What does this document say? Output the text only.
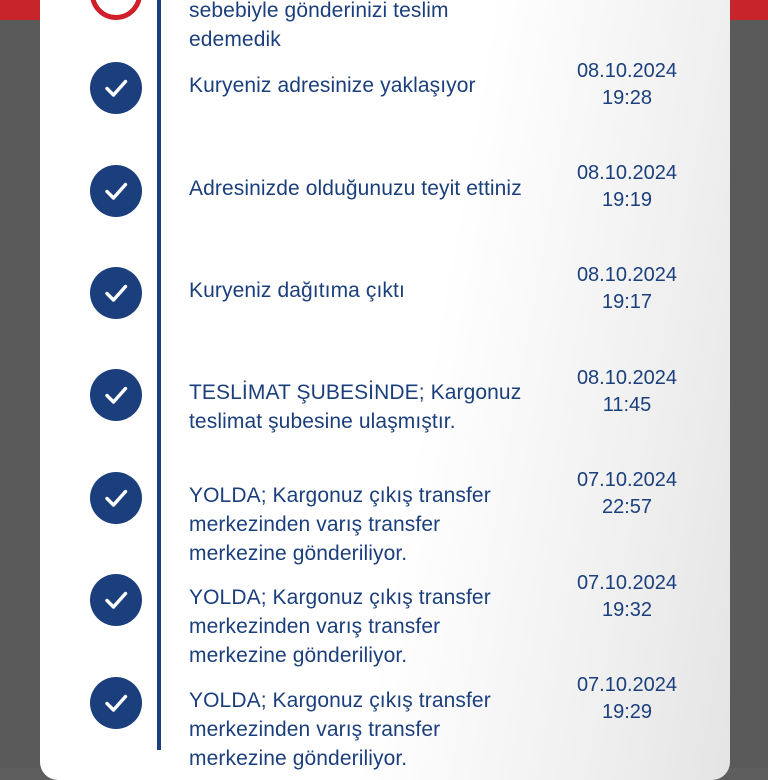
sebebiyle gönderinizi teslim
edemedik
Kuryeniz adresinize yaklaşıyor
08.10.2024
19:28
Adresinizde olduğunuzu teyit ettiniz
08.10.2024
19:19
Kuryeniz dağıtıma çıktı
08.10.2024
19:17
TESLİMAT ŞUBESİNDE; Kargonuz
teslimat şubesine ulaşmıştır.
08.10.2024
11:45
YOLDA; Kargonuz çıkış transfer
merkezinden varış transfer
merkezine gönderiliyor.
07.10.2024
22:57
YOLDA; Kargonuz çıkış transfer
merkezinden varış transfer
merkezine gönderiliyor.
07.10.2024
19:32
YOLDA; Kargonuz çıkış transfer
merkezinden varış transfer
merkezine gönderiliyor.
07.10.2024
19:29
